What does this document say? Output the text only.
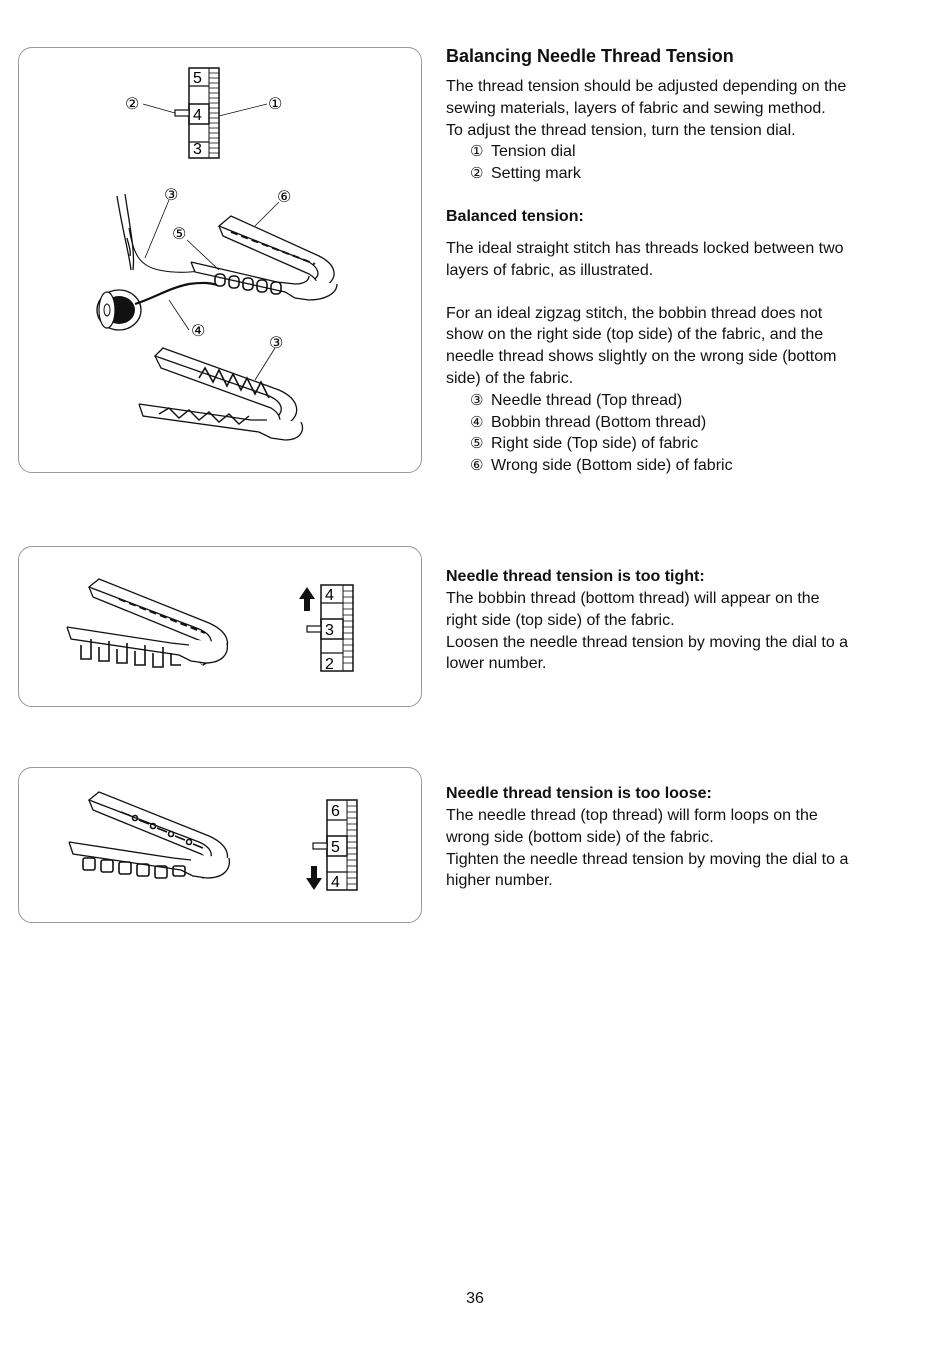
5
4
3
①
②
③
⑤
⑥
④
③
Balancing Needle Thread Tension

The thread tension should be adjusted depending on the

sewing materials, layers of fabric and sewing method.

To adjust the thread tension, turn the tension dial.

① Tension dial

② Setting mark

Balanced tension:

The ideal straight stitch has threads locked between two

layers of fabric, as illustrated.

For an ideal zigzag stitch, the bobbin thread does not

show on the right side (top side) of the fabric, and the

needle thread shows slightly on the wrong side (bottom

side) of the fabric.

③ Needle thread (Top thread)

④ Bobbin thread (Bottom thread)

⑤ Right side (Top side) of fabric

⑥ Wrong side (Bottom side) of fabric

4
3
2
Needle thread tension is too tight:

The bobbin thread (bottom thread) will appear on the

right side (top side) of the fabric.

Loosen the needle thread tension by moving the dial to a

lower number.

6
5
4
Needle thread tension is too loose:

The needle thread (top thread) will form loops on the

wrong side (bottom side) of the fabric.

Tighten the needle thread tension by moving the dial to a

higher number.

36
